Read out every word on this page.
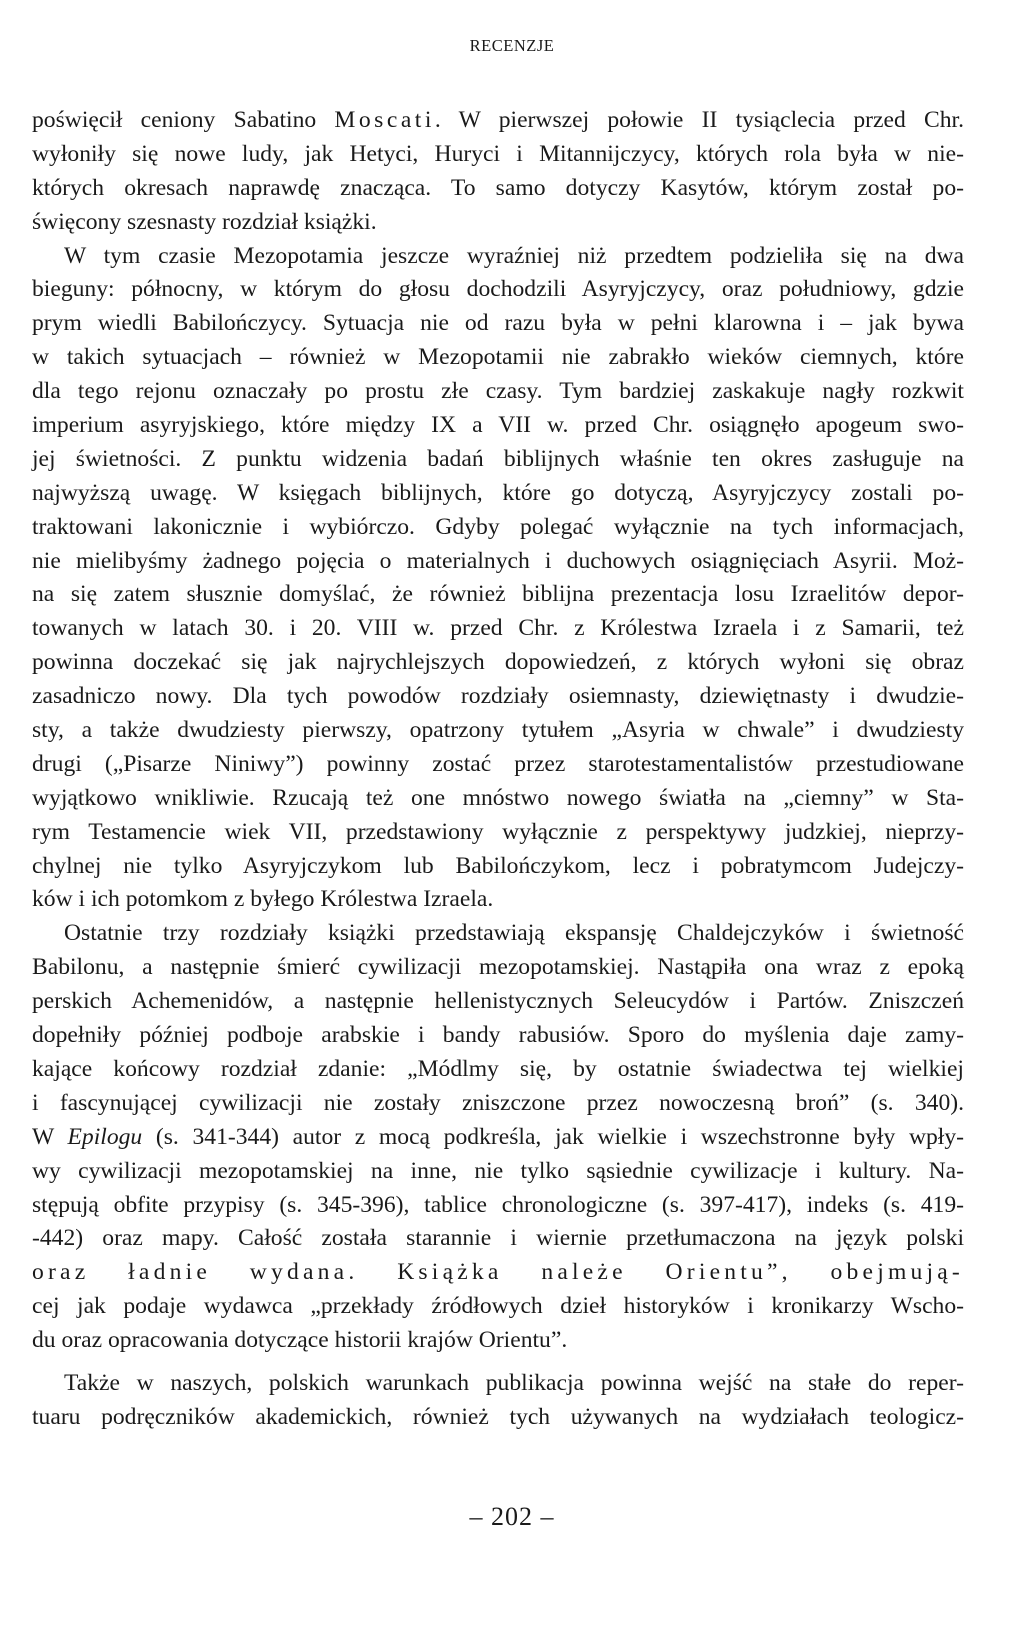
RECENZJE
poświęcił ceniony Sabatino Moscati. W pierwszej połowie II tysiąclecia przed Chr.
wyłoniły się nowe ludy, jak Hetyci, Huryci i Mitannijczycy, których rola była w nie-
których okresach naprawdę znacząca. To samo dotyczy Kasytów, którym został po-
święcony szesnasty rozdział książki.
W tym czasie Mezopotamia jeszcze wyraźniej niż przedtem podzieliła się na dwa
bieguny: północny, w którym do głosu dochodzili Asyryjczycy, oraz południowy, gdzie
prym wiedli Babilończycy. Sytuacja nie od razu była w pełni klarowna i – jak bywa
w takich sytuacjach – również w Mezopotamii nie zabrakło wieków ciemnych, które
dla tego rejonu oznaczały po prostu złe czasy. Tym bardziej zaskakuje nagły rozkwit
imperium asyryjskiego, które między IX a VII w. przed Chr. osiągnęło apogeum swo-
jej świetności. Z punktu widzenia badań biblijnych właśnie ten okres zasługuje na
najwyższą uwagę. W księgach biblijnych, które go dotyczą, Asyryjczycy zostali po-
traktowani lakonicznie i wybiórczo. Gdyby polegać wyłącznie na tych informacjach,
nie mielibyśmy żadnego pojęcia o materialnych i duchowych osiągnięciach Asyrii. Moż-
na się zatem słusznie domyślać, że również biblijna prezentacja losu Izraelitów depor-
towanych w latach 30. i 20. VIII w. przed Chr. z Królestwa Izraela i z Samarii, też
powinna doczekać się jak najrychlejszych dopowiedzeń, z których wyłoni się obraz
zasadniczo nowy. Dla tych powodów rozdziały osiemnasty, dziewiętnasty i dwudzie-
sty, a także dwudziesty pierwszy, opatrzony tytułem „Asyria w chwale” i dwudziesty
drugi („Pisarze Niniwy”) powinny zostać przez starotestamentalistów przestudiowane
wyjątkowo wnikliwie. Rzucają też one mnóstwo nowego światła na „ciemny” w Sta-
rym Testamencie wiek VII, przedstawiony wyłącznie z perspektywy judzkiej, nieprzy-
chylnej nie tylko Asyryjczykom lub Babilończykom, lecz i pobratymcom Judejczy-
ków i ich potomkom z byłego Królestwa Izraela.
Ostatnie trzy rozdziały książki przedstawiają ekspansję Chaldejczyków i świetność
Babilonu, a następnie śmierć cywilizacji mezopotamskiej. Nastąpiła ona wraz z epoką
perskich Achemenidów, a następnie hellenistycznych Seleucydów i Partów. Zniszczeń
dopełniły później podboje arabskie i bandy rabusiów. Sporo do myślenia daje zamy-
kające końcowy rozdział zdanie: „Módlmy się, by ostatnie świadectwa tej wielkiej
i fascynującej cywilizacji nie zostały zniszczone przez nowoczesną broń” (s. 340).
W Epilogu (s. 341-344) autor z mocą podkreśla, jak wielkie i wszechstronne były wpły-
wy cywilizacji mezopotamskiej na inne, nie tylko sąsiednie cywilizacje i kultury. Na-
stępują obfite przypisy (s. 345-396), tablice chronologiczne (s. 397-417), indeks (s. 419-
-442) oraz mapy. Całość została starannie i wiernie przetłumaczona na język polski
oraz ładnie wydana. Książka należe Orientu”, obejmują-
cej jak podaje wydawca „przekłady źródłowych dzieł historyków i kronikarzy Wscho-
du oraz opracowania dotyczące historii krajów Orientu”.
Także w naszych, polskich warunkach publikacja powinna wejść na stałe do reper-
tuaru podręczników akademickich, również tych używanych na wydziałach teologicz-
– 202 –
